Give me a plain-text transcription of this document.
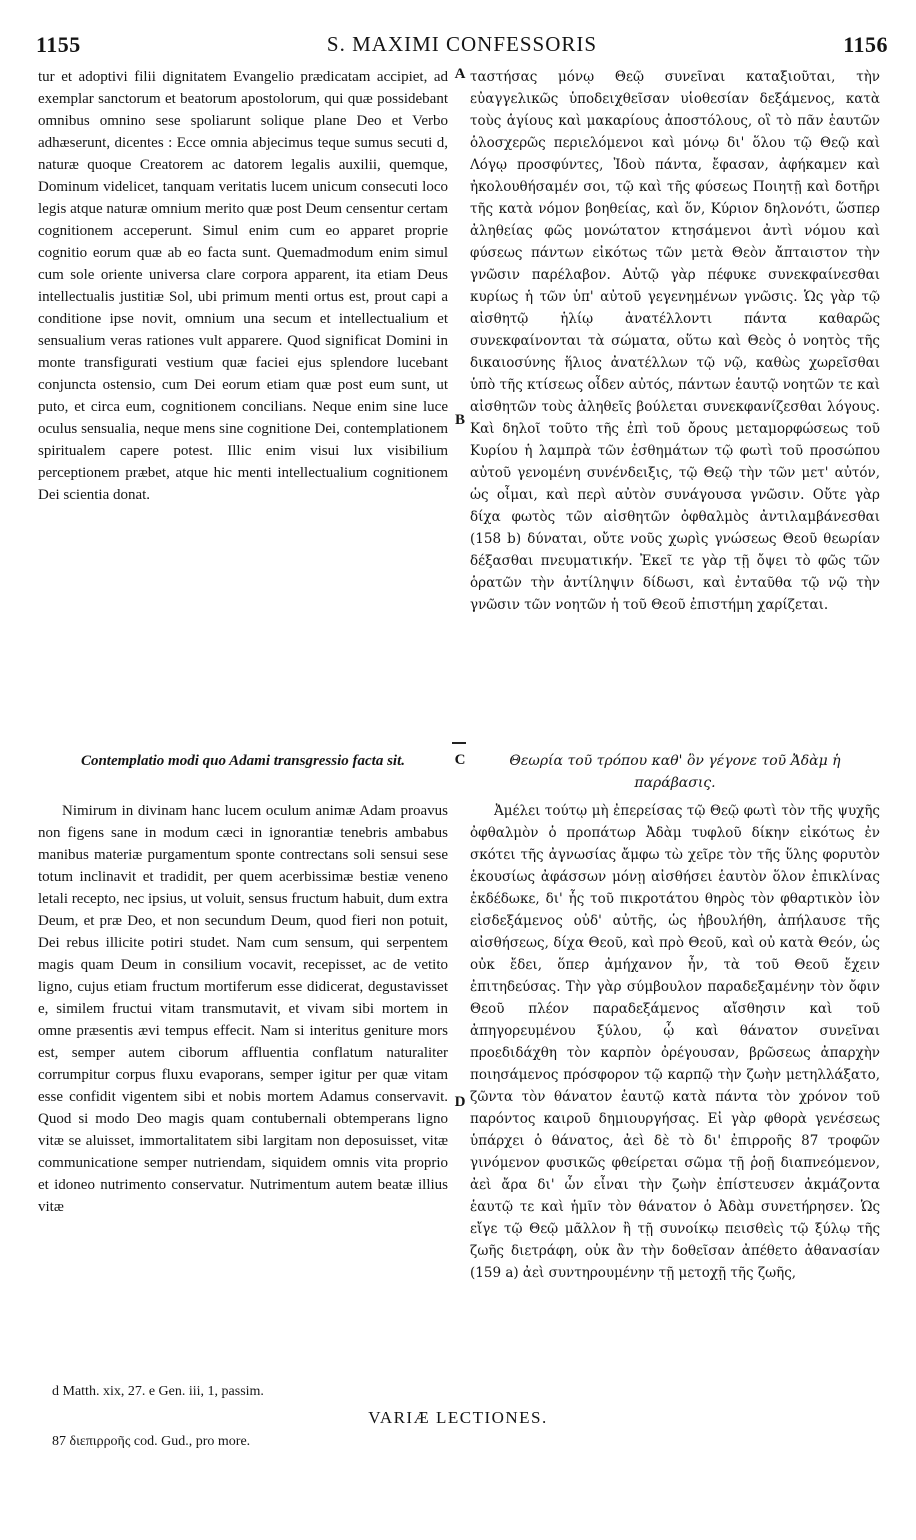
1155	S. MAXIMI CONFESSORIS	1156

tur et adoptivi filii dignitatem Evangelio prædicatam accipiet, ad exemplar sanctorum et beatorum apostolorum, qui quæ possidebant omnibus omnino sese spoliarunt solique plane Deo et Verbo adhæserunt, dicentes : Ecce omnia abjecimus teque sumus secuti d, naturæ quoque Creatorem ac datorem legalis auxilii, quemque, Dominum videlicet, tanquam veritatis lucem unicum consecuti loco legis atque naturæ omnium merito quæ post Deum censentur certam cognitionem acceperunt. Simul enim cum eo apparet proprie cognitio eorum quæ ab eo facta sunt. Quemadmodum enim simul cum sole oriente universa clare corpora apparent, ita etiam Deus intellectualis justitiæ Sol, ubi primum menti ortus est, prout capi a conditione ipse novit, omnium una secum et intellectualium et sensualium veras rationes vult apparere. Quod significat Domini in monte transfigurati vestium quæ faciei ejus splendore lucebant conjuncta ostensio, cum Dei eorum etiam quæ post eum sunt, ut puto, et circa eum, cognitionem concilians. Neque enim sine luce oculus sensualia, neque mens sine cognitione Dei, contemplationem spiritualem capere potest. Illic enim visui lux visibilium perceptionem præbet, atque hic menti intellectualium cognitionem Dei scientia donat.

A
B

ταστήσας μόνῳ Θεῷ συνεῖναι καταξιοῦται, τὴν εὐαγγελικῶς ὑποδειχθεῖσαν υἱοθεσίαν δεξάμενος, κατὰ τοὺς ἁγίους καὶ μακαρίους ἀποστόλους, οἳ τὸ πᾶν ἑαυτῶν ὁλοσχερῶς περιελόμενοι καὶ μόνῳ δι' ὅλου τῷ Θεῷ καὶ Λόγῳ προσφύντες, Ἰδοὺ πάντα, ἔφασαν, ἀφήκαμεν καὶ ἠκολουθήσαμέν σοι, τῷ καὶ τῆς φύσεως Ποιητῇ καὶ δοτῆρι τῆς κατὰ νόμον βοηθείας, καὶ ὅν, Κύριον δηλονότι, ὥσπερ ἀληθείας φῶς μονώτατον κτησάμενοι ἀντὶ νόμου καὶ φύσεως πάντων εἰκότως τῶν μετὰ Θεὸν ἄπταιστον τὴν γνῶσιν παρέλαβον. Αὐτῷ γὰρ πέφυκε συνεκφαίνεσθαι κυρίως ἡ τῶν ὑπ' αὐτοῦ γεγενημένων γνῶσις. Ὡς γὰρ τῷ αἰσθητῷ ἡλίῳ ἀνατέλλοντι πάντα καθαρῶς συνεκφαίνονται τὰ σώματα, οὕτω καὶ Θεὸς ὁ νοητὸς τῆς δικαιοσύνης ἥλιος ἀνατέλλων τῷ νῷ, καθὼς χωρεῖσθαι ὑπὸ τῆς κτίσεως οἶδεν αὐτός, πάντων ἑαυτῷ νοητῶν τε καὶ αἰσθητῶν τοὺς ἀληθεῖς βούλεται συνεκφανίζεσθαι λόγους. Καὶ δηλοῖ τοῦτο τῆς ἐπὶ τοῦ ὄρους μεταμορφώσεως τοῦ Κυρίου ἡ λαμπρὰ τῶν ἐσθημάτων τῷ φωτὶ τοῦ προσώπου αὐτοῦ γενομένη συνένδειξις, τῷ Θεῷ τὴν τῶν μετ' αὐτόν, ὡς οἶμαι, καὶ περὶ αὐτὸν συνάγουσα γνῶσιν. Οὔτε γὰρ δίχα φωτὸς τῶν αἰσθητῶν ὀφθαλμὸς ἀντιλαμβάνεσθαι (158 b) δύναται, οὔτε νοῦς χωρὶς γνώσεως Θεοῦ θεωρίαν δέξασθαι πνευματικήν. Ἐκεῖ τε γὰρ τῇ ὄψει τὸ φῶς τῶν ὁρατῶν τὴν ἀντίληψιν δίδωσι, καὶ ἐνταῦθα τῷ νῷ τὴν γνῶσιν τῶν νοητῶν ἡ τοῦ Θεοῦ ἐπιστήμη χαρίζεται.

Contemplatio modi quo Adami transgressio facta sit.	C	Θεωρία τοῦ τρόπου καθ' ὃν γέγονε τοῦ Ἀδὰμ ἡ παράβασις.

Nimirum in divinam hanc lucem oculum animæ Adam proavus non figens sane in modum cæci in ignorantiæ tenebris ambabus manibus materiæ purgamentum sponte contrectans soli sensui sese totum inclinavit et tradidit, per quem acerbissimæ bestiæ veneno letali recepto, nec ipsius, ut voluit, sensus fructum habuit, dum extra Deum, et præ Deo, et non secundum Deum, quod fieri non potuit, Dei rebus illicite potiri studet. Nam cum sensum, qui serpentem magis quam Deum in consilium vocavit, recepisset, ac de vetito ligno, cujus etiam fructum mortiferum esse didicerat, degustavisset e, similem fructui vitam transmutavit, et vivam sibi mortem in omne præsentis ævi tempus effecit. Nam si interitus geniture mors est, semper autem ciborum affluentia conflatum naturaliter corrumpitur corpus fluxu evaporans, semper igitur per quæ vitam esse confidit vigentem sibi et nobis mortem Adamus conservavit. Quod si modo Deo magis quam contubernali obtemperans ligno vitæ se aluisset, immortalitatem sibi largitam non deposuisset, vitæ communicatione semper nutriendam, siquidem omnis vita proprio et idoneo nutrimento conservatur. Nutrimentum autem beatæ illius vitæ

D

Ἀμέλει τούτῳ μὴ ἐπερείσας τῷ Θεῷ φωτὶ τὸν τῆς ψυχῆς ὀφθαλμὸν ὁ προπάτωρ Ἀδὰμ τυφλοῦ δίκην εἰκότως ἐν σκότει τῆς ἀγνωσίας ἄμφω τὼ χεῖρε τὸν τῆς ὕλης φορυτὸν ἑκουσίως ἀφάσσων μόνῃ αἰσθήσει ἑαυτὸν ὅλον ἐπικλίνας ἐκδέδωκε, δι' ἧς τοῦ πικροτάτου θηρὸς τὸν φθαρτικὸν ἰὸν εἰσδεξάμενος οὐδ' αὐτῆς, ὡς ἠβουλήθη, ἀπήλαυσε τῆς αἰσθήσεως, δίχα Θεοῦ, καὶ πρὸ Θεοῦ, καὶ οὐ κατὰ Θεόν, ὡς οὐκ ἔδει, ὅπερ ἀμήχανον ἦν, τὰ τοῦ Θεοῦ ἔχειν ἐπιτηδεύσας. Τὴν γὰρ σύμβουλον παραδεξαμένην τὸν ὄφιν Θεοῦ πλέον παραδεξάμενος αἴσθησιν καὶ τοῦ ἀπηγορευμένου ξύλου, ᾧ καὶ θάνατον συνεῖναι προεδιδάχθη τὸν καρπὸν ὀρέγουσαν, βρῶσεως ἀπαρχὴν ποιησάμενος πρόσφορον τῷ καρπῷ τὴν ζωὴν μετηλλάξατο, ζῶντα τὸν θάνατον ἑαυτῷ κατὰ πάντα τὸν χρόνον τοῦ παρόντος καιροῦ δημιουργήσας. Εἰ γὰρ φθορὰ γενέσεως ὑπάρχει ὁ θάνατος, ἀεὶ δὲ τὸ δι' ἐπιρροῆς 87 τροφῶν γινόμενον φυσικῶς φθείρεται σῶμα τῇ ῥοῇ διαπνεόμενον, ἀεὶ ἄρα δι' ὧν εἶναι τὴν ζωὴν ἐπίστευσεν ἀκμάζοντα ἑαυτῷ τε καὶ ἡμῖν τὸν θάνατον ὁ Ἀδὰμ συνετήρησεν. Ὡς εἴγε τῷ Θεῷ μᾶλλον ἢ τῇ συνοίκῳ πεισθεὶς τῷ ξύλῳ τῆς ζωῆς διετράφη, οὐκ ἂν τὴν δοθεῖσαν ἀπέθετο ἀθανασίαν (159 a) ἀεὶ συντηρουμένην τῇ μετοχῇ τῆς ζωῆς,

d Matth. xix, 27. e Gen. iii, 1, passim.
VARIÆ LECTIONES.
87 διεπιρροῆς cod. Gud., pro more.
